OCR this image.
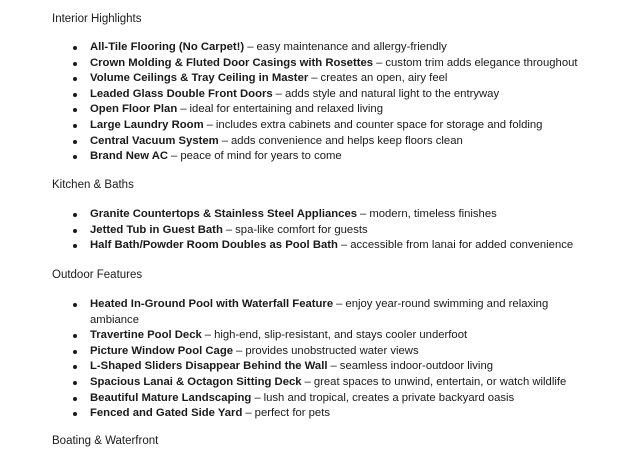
Interior Highlights
All-Tile Flooring (No Carpet!) – easy maintenance and allergy-friendly
Crown Molding & Fluted Door Casings with Rosettes – custom trim adds elegance throughout
Volume Ceilings & Tray Ceiling in Master – creates an open, airy feel
Leaded Glass Double Front Doors – adds style and natural light to the entryway
Open Floor Plan – ideal for entertaining and relaxed living
Large Laundry Room – includes extra cabinets and counter space for storage and folding
Central Vacuum System – adds convenience and helps keep floors clean
Brand New AC – peace of mind for years to come
Kitchen & Baths
Granite Countertops & Stainless Steel Appliances – modern, timeless finishes
Jetted Tub in Guest Bath – spa-like comfort for guests
Half Bath/Powder Room Doubles as Pool Bath – accessible from lanai for added convenience
Outdoor Features
Heated In-Ground Pool with Waterfall Feature – enjoy year-round swimming and relaxing ambiance
Travertine Pool Deck – high-end, slip-resistant, and stays cooler underfoot
Picture Window Pool Cage – provides unobstructed water views
L-Shaped Sliders Disappear Behind the Wall – seamless indoor-outdoor living
Spacious Lanai & Octagon Sitting Deck – great spaces to unwind, entertain, or watch wildlife
Beautiful Mature Landscaping – lush and tropical, creates a private backyard oasis
Fenced and Gated Side Yard – perfect for pets
Boating & Waterfront
